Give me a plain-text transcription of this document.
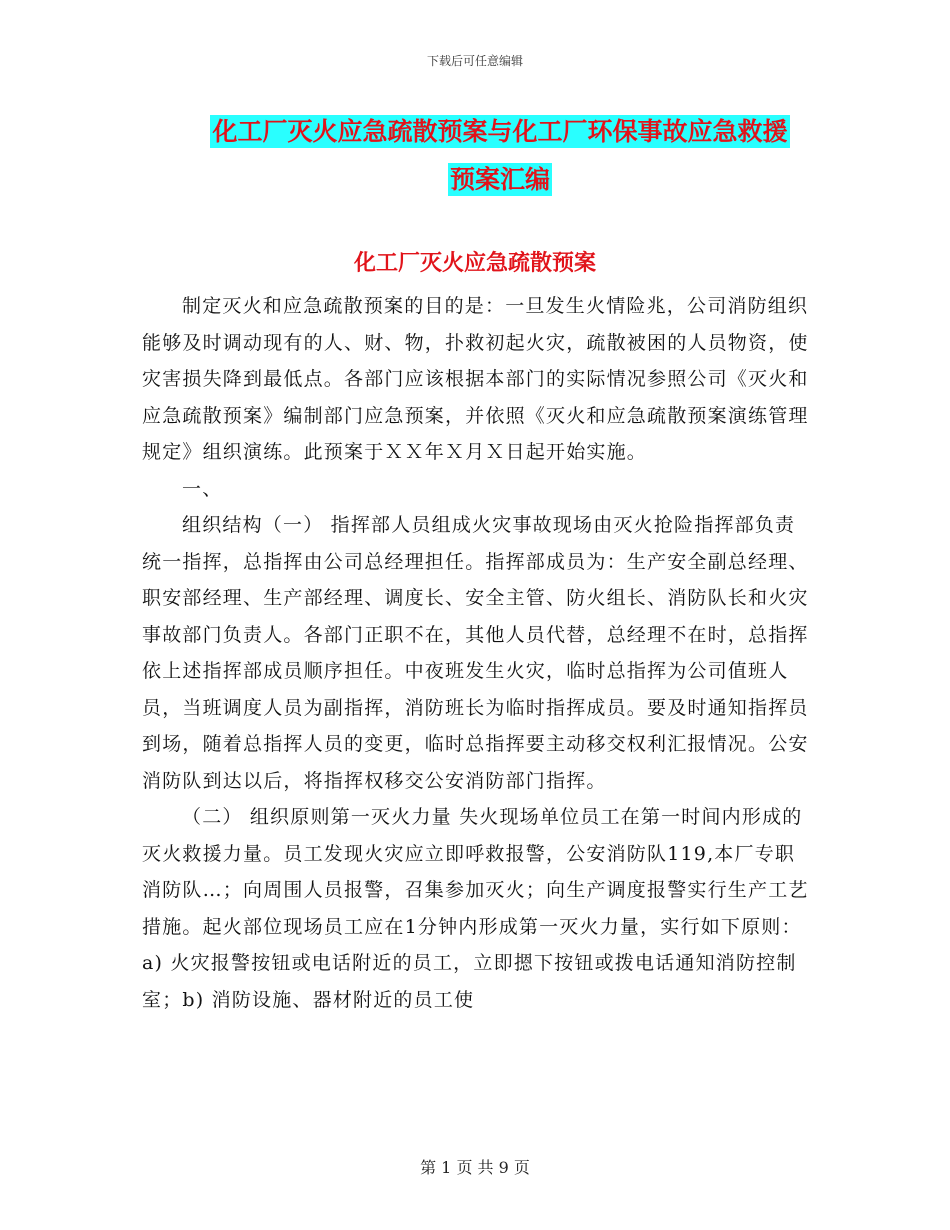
下载后可任意编辑
化工厂灭火应急疏散预案与化工厂环保事故应急救援
预案汇编
化工厂灭火应急疏散预案

制定灭火和应急疏散预案的目的是：一旦发生火情险兆，公司消防组织能够及时调动现有的人、财、物，扑救初起火灾，疏散被困的人员物资，使灾害损失降到最低点。各部门应该根据本部门的实际情况参照公司《灭火和应急疏散预案》编制部门应急预案，并依照《灭火和应急疏散预案演练管理规定》组织演练。此预案于ＸＸ年Ｘ月Ｘ日起开始实施。

一、

组织结构（一） 指挥部人员组成火灾事故现场由灭火抢险指挥部负责统一指挥，总指挥由公司总经理担任。指挥部成员为：生产安全副总经理、职安部经理、生产部经理、调度长、安全主管、防火组长、消防队长和火灾事故部门负责人。各部门正职不在，其他人员代替，总经理不在时，总指挥依上述指挥部成员顺序担任。中夜班发生火灾，临时总指挥为公司值班人员，当班调度人员为副指挥，消防班长为临时指挥成员。要及时通知指挥员到场，随着总指挥人员的变更，临时总指挥要主动移交权利汇报情况。公安消防队到达以后，将指挥权移交公安消防部门指挥。

（二） 组织原则第一灭火力量 失火现场单位员工在第一时间内形成的灭火救援力量。员工发现火灾应立即呼救报警，公安消防队119,本厂专职消防队…；向周围人员报警，召集参加灭火；向生产调度报警实行生产工艺措施。起火部位现场员工应在1分钟内形成第一灭火力量，实行如下原则：a) 火灾报警按钮或电话附近的员工，立即摁下按钮或拨电话通知消防控制室；b) 消防设施、器材附近的员工使

第 1 页 共 9 页
